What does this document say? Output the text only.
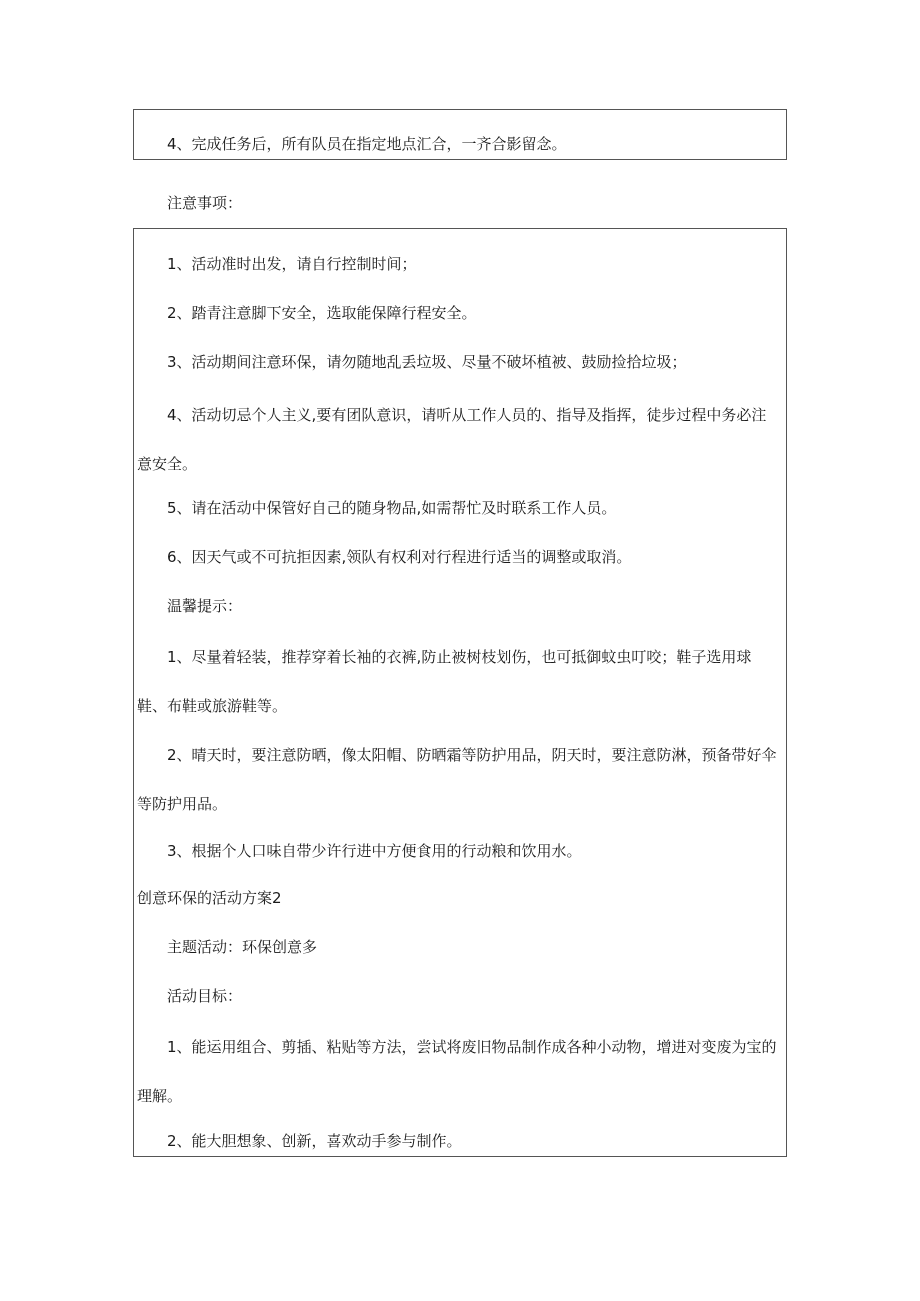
4、完成任务后，所有队员在指定地点汇合，一齐合影留念。
注意事项：
1、活动准时出发，请自行控制时间；
2、踏青注意脚下安全，选取能保障行程安全。
3、活动期间注意环保，请勿随地乱丢垃圾、尽量不破坏植被、鼓励捡拾垃圾；
4、活动切忌个人主义,要有团队意识，请听从工作人员的、指导及指挥，徒步过程中务必注意安全。
5、请在活动中保管好自己的随身物品,如需帮忙及时联系工作人员。
6、因天气或不可抗拒因素,领队有权利对行程进行适当的调整或取消。
温馨提示：
1、尽量着轻装，推荐穿着长袖的衣裤,防止被树枝划伤，也可抵御蚊虫叮咬；鞋子选用球鞋、布鞋或旅游鞋等。
2、晴天时，要注意防晒，像太阳帽、防晒霜等防护用品，阴天时，要注意防淋，预备带好伞等防护用品。
3、根据个人口味自带少许行进中方便食用的行动粮和饮用水。
创意环保的活动方案2
主题活动：环保创意多
活动目标：
1、能运用组合、剪插、粘贴等方法，尝试将废旧物品制作成各种小动物，增进对变废为宝的理解。
2、能大胆想象、创新，喜欢动手参与制作。
